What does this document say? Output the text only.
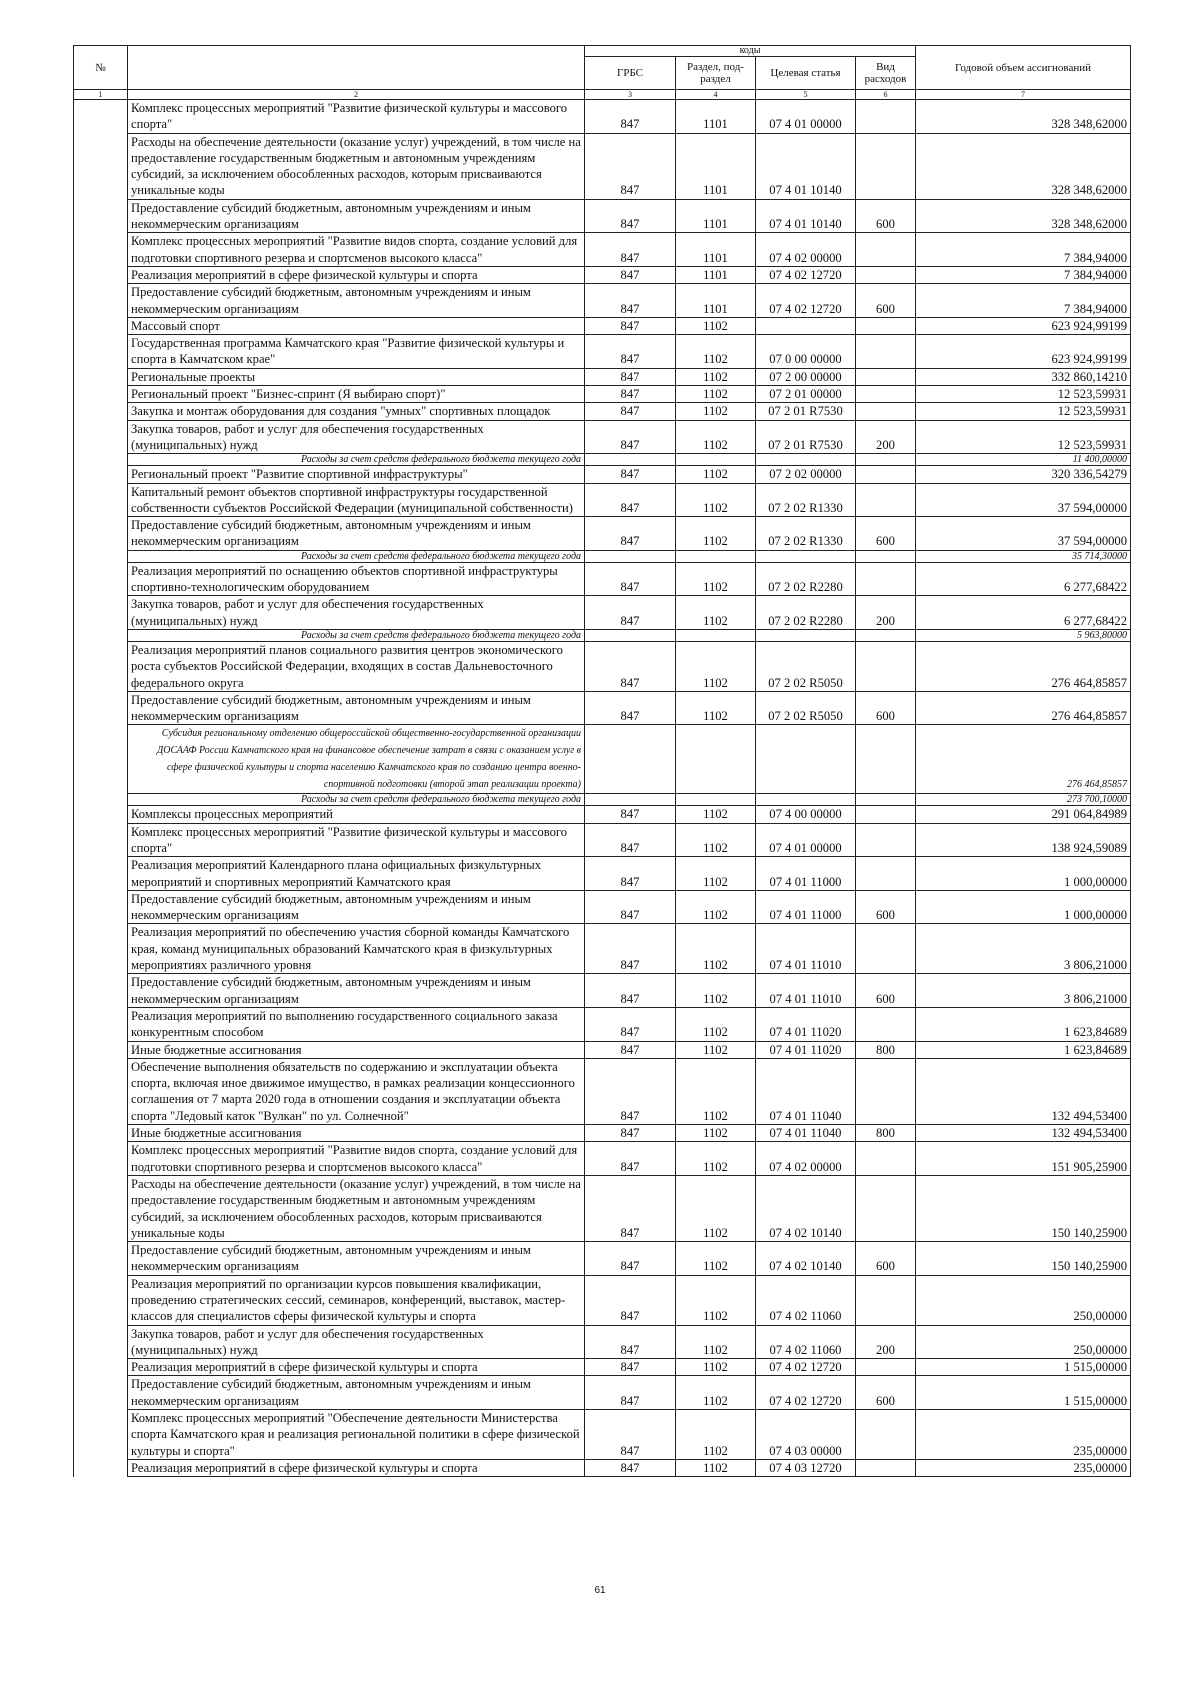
№		коды				Годовой объем ассигнований
		ГРБС	Раздел, под-раздел	Целевая статья	Вид расходов	
1	2	3	4	5	6	7
	Комплекс процессных мероприятий "Развитие физической культуры и массового спорта"	847	1101	07 4 01 00000		328 348,62000
	Расходы на обеспечение деятельности (оказание услуг) учреждений, в том числе на предоставление государственным бюджетным и автономным учреждениям субсидий, за исключением обособленных расходов, которым присваиваются уникальные коды	847	1101	07 4 01 10140		328 348,62000
	Предоставление субсидий бюджетным, автономным учреждениям и иным некоммерческим организациям	847	1101	07 4 01 10140	600	328 348,62000
	Комплекс процессных мероприятий "Развитие видов спорта, создание условий для подготовки спортивного резерва и спортсменов высокого класса"	847	1101	07 4 02 00000		7 384,94000
	Реализация мероприятий в сфере физической культуры и спорта	847	1101	07 4 02 12720		7 384,94000
	Предоставление субсидий бюджетным, автономным учреждениям и иным некоммерческим организациям	847	1101	07 4 02 12720	600	7 384,94000
	Массовый спорт	847	1102			623 924,99199
	Государственная программа Камчатского края "Развитие физической культуры и спорта в Камчатском крае"	847	1102	07 0 00 00000		623 924,99199
	Региональные проекты	847	1102	07 2 00 00000		332 860,14210
	Региональный проект "Бизнес-спринт (Я выбираю спорт)"	847	1102	07 2 01 00000		12 523,59931
	Закупка и монтаж оборудования для создания "умных" спортивных площадок	847	1102	07 2 01 R7530		12 523,59931
	Закупка товаров, работ и услуг для обеспечения государственных (муниципальных) нужд	847	1102	07 2 01 R7530	200	12 523,59931
	Расходы за счет средств федерального бюджета текущего года					11 400,00000
	Региональный проект "Развитие спортивной инфраструктуры"	847	1102	07 2 02 00000		320 336,54279
	Капитальный ремонт объектов спортивной инфраструктуры государственной собственности субъектов Российской Федерации (муниципальной собственности)	847	1102	07 2 02 R1330		37 594,00000
	Предоставление субсидий бюджетным, автономным учреждениям и иным некоммерческим организациям	847	1102	07 2 02 R1330	600	37 594,00000
	Расходы за счет средств федерального бюджета текущего года					35 714,30000
	Реализация мероприятий по оснащению объектов спортивной инфраструктуры спортивно-технологическим оборудованием	847	1102	07 2 02 R2280		6 277,68422
	Закупка товаров, работ и услуг для обеспечения государственных (муниципальных) нужд	847	1102	07 2 02 R2280	200	6 277,68422
	Расходы за счет средств федерального бюджета текущего года					5 963,80000
	Реализация мероприятий планов социального развития центров экономического роста субъектов Российской Федерации, входящих в состав Дальневосточного федерального округа	847	1102	07 2 02 R5050		276 464,85857
	Предоставление субсидий бюджетным, автономным учреждениям и иным некоммерческим организациям	847	1102	07 2 02 R5050	600	276 464,85857
	Субсидия региональному отделению общероссийской общественно-государственной организации ДОСААФ России Камчатского края на финансовое обеспечение затрат в связи с оказанием услуг в сфере физической культуры и спорта населению Камчатского края по созданию центра военно-спортивной подготовки (второй этап реализации проекта)					276 464,85857
	Расходы за счет средств федерального бюджета текущего года					273 700,10000
	Комплексы процессных мероприятий	847	1102	07 4 00 00000		291 064,84989
	Комплекс процессных мероприятий "Развитие физической культуры и массового спорта"	847	1102	07 4 01 00000		138 924,59089
	Реализация мероприятий Календарного плана официальных физкультурных мероприятий и спортивных мероприятий Камчатского края	847	1102	07 4 01 11000		1 000,00000
	Предоставление субсидий бюджетным, автономным учреждениям и иным некоммерческим организациям	847	1102	07 4 01 11000	600	1 000,00000
	Реализация мероприятий по обеспечению участия сборной команды Камчатского края, команд муниципальных образований Камчатского края в физкультурных мероприятиях различного уровня	847	1102	07 4 01 11010		3 806,21000
	Предоставление субсидий бюджетным, автономным учреждениям и иным некоммерческим организациям	847	1102	07 4 01 11010	600	3 806,21000
	Реализация мероприятий по выполнению государственного социального заказа конкурентным способом	847	1102	07 4 01 11020		1 623,84689
	Иные бюджетные ассигнования	847	1102	07 4 01 11020	800	1 623,84689
	Обеспечение выполнения обязательств по содержанию и эксплуатации объекта спорта, включая иное движимое имущество, в рамках реализации концессионного соглашения от 7 марта 2020 года в отношении создания и эксплуатации объекта спорта "Ледовый каток "Вулкан" по ул. Солнечной"	847	1102	07 4 01 11040		132 494,53400
	Иные бюджетные ассигнования	847	1102	07 4 01 11040	800	132 494,53400
	Комплекс процессных мероприятий "Развитие видов спорта, создание условий для подготовки спортивного резерва и спортсменов высокого класса"	847	1102	07 4 02 00000		151 905,25900
	Расходы на обеспечение деятельности (оказание услуг) учреждений, в том числе на предоставление государственным бюджетным и автономным учреждениям субсидий, за исключением обособленных расходов, которым присваиваются уникальные коды	847	1102	07 4 02 10140		150 140,25900
	Предоставление субсидий бюджетным, автономным учреждениям и иным некоммерческим организациям	847	1102	07 4 02 10140	600	150 140,25900
	Реализация мероприятий по организации курсов повышения квалификации, проведению стратегических сессий, семинаров, конференций, выставок, мастер-классов для специалистов сферы физической культуры и спорта	847	1102	07 4 02 11060		250,00000
	Закупка товаров, работ и услуг для обеспечения государственных (муниципальных) нужд	847	1102	07 4 02 11060	200	250,00000
	Реализация мероприятий в сфере физической культуры и спорта	847	1102	07 4 02 12720		1 515,00000
	Предоставление субсидий бюджетным, автономным учреждениям и иным некоммерческим организациям	847	1102	07 4 02 12720	600	1 515,00000
	Комплекс процессных мероприятий "Обеспечение деятельности Министерства спорта Камчатского края и реализация региональной политики в сфере физической культуры и спорта"	847	1102	07 4 03 00000		235,00000
	Реализация мероприятий в сфере физической культуры и спорта	847	1102	07 4 03 12720		235,00000
61
